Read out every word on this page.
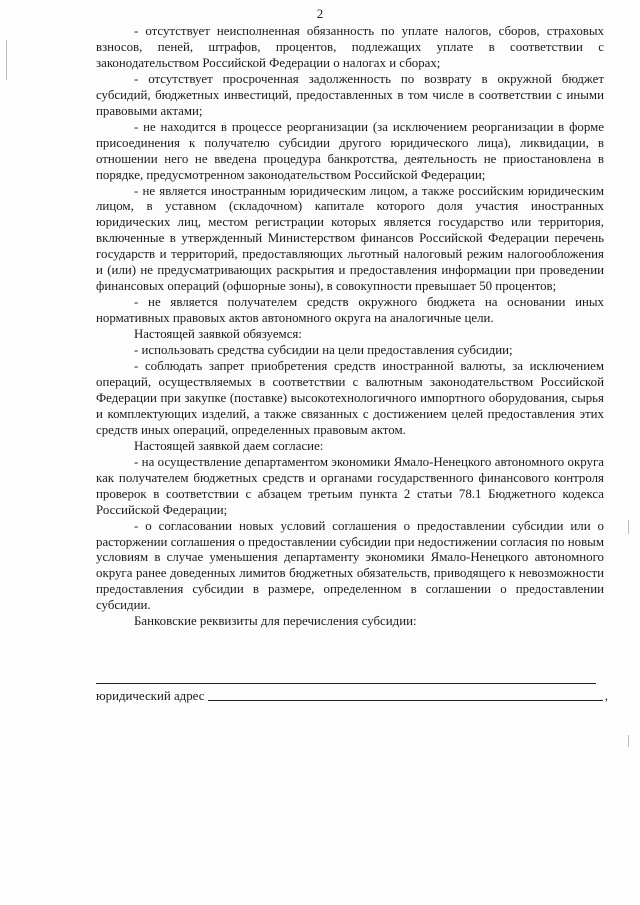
2

- отсутствует неисполненная обязанность по уплате налогов, сборов, страховых взносов, пеней, штрафов, процентов, подлежащих уплате в соответствии с законодательством Российской Федерации о налогах и сборах;

- отсутствует просроченная задолженность по возврату в окружной бюджет субсидий, бюджетных инвестиций, предоставленных в том числе в соответствии с иными правовыми актами;

- не находится в процессе реорганизации (за исключением реорганизации в форме присоединения к получателю субсидии другого юридического лица), ликвидации, в отношении него не введена процедура банкротства, деятельность не приостановлена в порядке, предусмотренном законодательством Российской Федерации;

- не является иностранным юридическим лицом, а также российским юридическим лицом, в уставном (складочном) капитале которого доля участия иностранных юридических лиц, местом регистрации которых является государство или территория, включенные в утвержденный Министерством финансов Российской Федерации перечень государств и территорий, предоставляющих льготный налоговый режим налогообложения и (или) не предусматривающих раскрытия и предоставления информации при проведении финансовых операций (офшорные зоны), в совокупности превышает 50 процентов;

- не является получателем средств окружного бюджета на основании иных нормативных правовых актов автономного округа на аналогичные цели.

Настоящей заявкой обязуемся:

- использовать средства субсидии на цели предоставления субсидии;

- соблюдать запрет приобретения средств иностранной валюты, за исключением операций, осуществляемых в соответствии с валютным законодательством Российской Федерации при закупке (поставке) высокотехнологичного импортного оборудования, сырья и комплектующих изделий, а также связанных с достижением целей предоставления этих средств иных операций, определенных правовым актом.

Настоящей заявкой даем согласие:

- на осуществление департаментом экономики Ямало-Ненецкого автономного округа как получателем бюджетных средств и органами государственного финансового контроля проверок в соответствии с абзацем третьим пункта 2 статьи 78.1 Бюджетного кодекса Российской Федерации;

- о согласовании новых условий соглашения о предоставлении субсидии или о расторжении соглашения о предоставлении субсидии при недостижении согласия по новым условиям в случае уменьшения департаменту экономики Ямало-Ненецкого автономного округа ранее доведенных лимитов бюджетных обязательств, приводящего к невозможности предоставления субсидии в размере, определенном в соглашении о предоставлении субсидии.

Банковские реквизиты для перечисления субсидии:

юридический адрес	,
